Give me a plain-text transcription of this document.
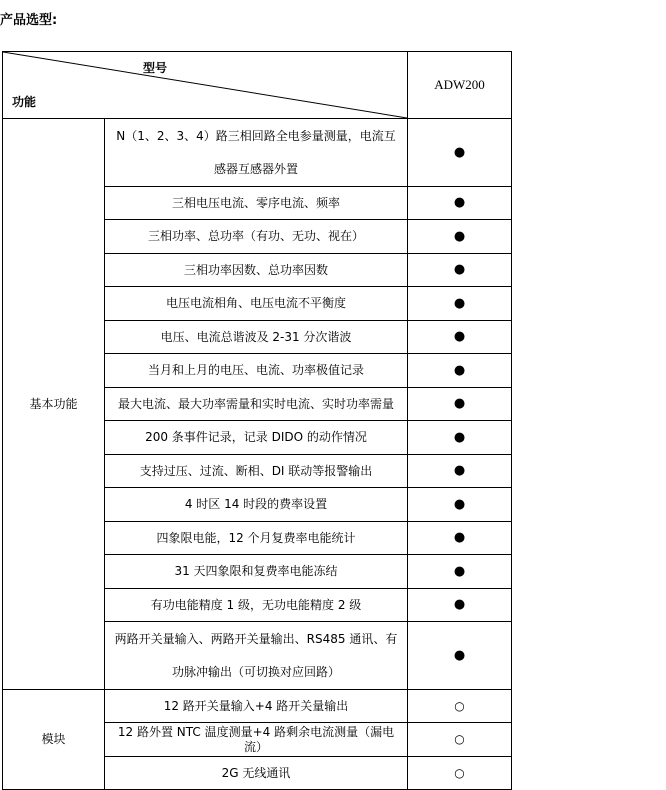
产品选型:
型号
功能		ADW200
基本功能	N（1、2、3、4）路三相回路全电参量测量，电流互感器互感器外置	●
	三相电压电流、零序电流、频率	●
	三相功率、总功率（有功、无功、视在）	●
	三相功率因数、总功率因数	●
	电压电流相角、电压电流不平衡度	●
	电压、电流总谐波及 2-31 分次谐波	●
	当月和上月的电压、电流、功率极值记录	●
	最大电流、最大功率需量和实时电流、实时功率需量	●
	200 条事件记录，记录 DIDO 的动作情况	●
	支持过压、过流、断相、DI 联动等报警输出	●
	4 时区 14 时段的费率设置	●
	四象限电能，12 个月复费率电能统计	●
	31 天四象限和复费率电能冻结	●
	有功电能精度 1 级，无功电能精度 2 级	●
	两路开关量输入、两路开关量输出、RS485 通讯、有功脉冲输出（可切换对应回路）	●
模块	12 路开关量输入+4 路开关量输出	○
	12 路外置 NTC 温度测量+4 路剩余电流测量（漏电流）	○
	2G 无线通讯	○
